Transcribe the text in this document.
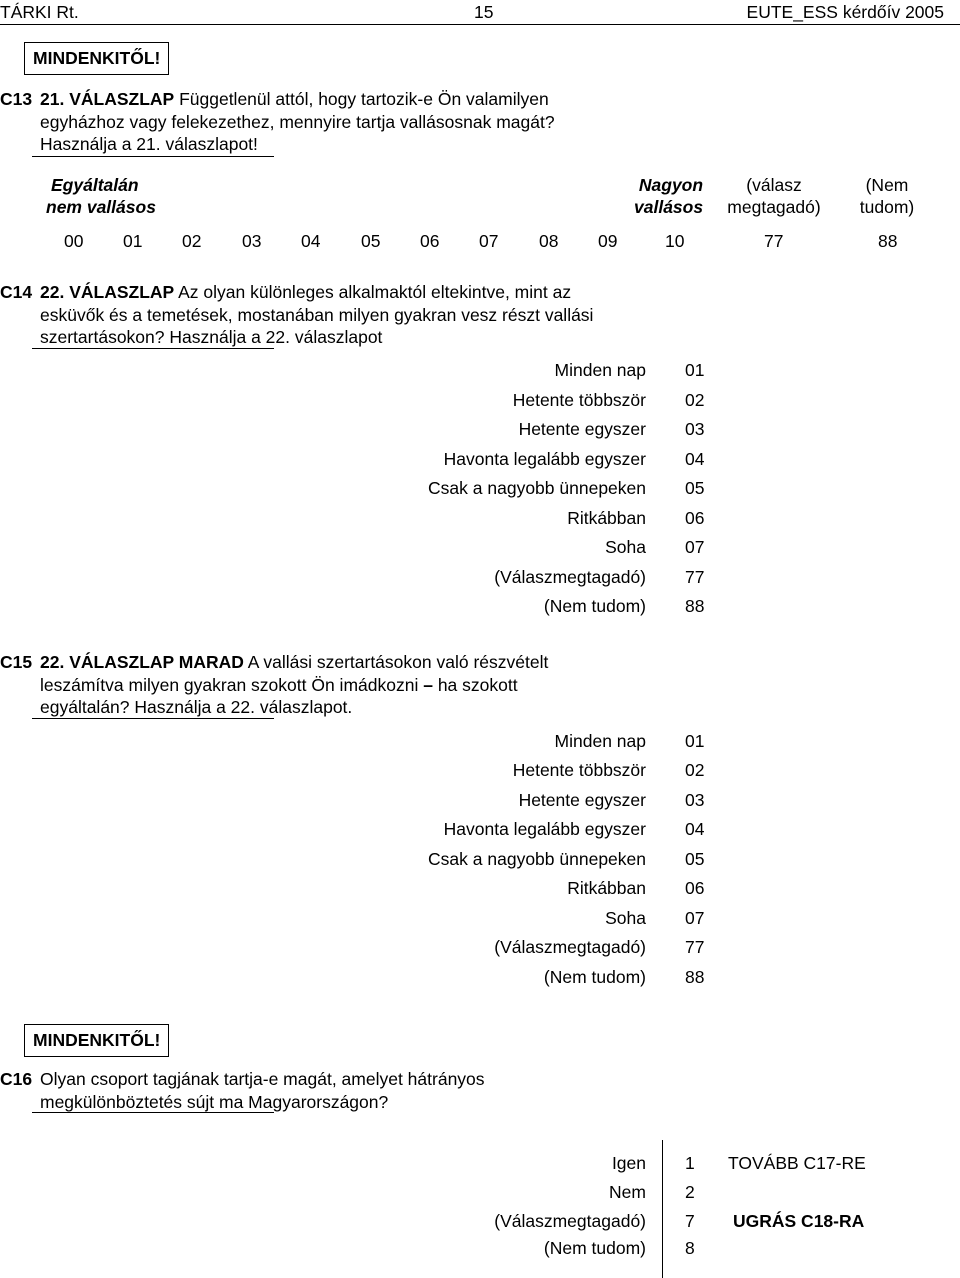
TÁRKI Rt.	15	EUTE_ESS kérdőív 2005
MINDENKITŐL!
C13 21. VÁLASZLAP Függetlenül attól, hogy tartozik-e Ön valamilyen
egyházhoz vagy felekezethez, mennyire tartja vallásosnak magát?
Használja a 21. válaszlapot!
Egyáltalán
nem vallásos
Nagyon
vallásos
(válasz
megtagadó)
(Nem
tudom)
00 01 02 03 04 05 06 07 08 09	10	77	88
C14 22. VÁLASZLAP Az olyan különleges alkalmaktól eltekintve, mint az
esküvők és a temetések, mostanában milyen gyakran vesz részt vallási
szertartásokon? Használja a 22. válaszlapot
Minden nap 01
Hetente többször 02
Hetente egyszer 03
Havonta legalább egyszer 04
Csak a nagyobb ünnepeken 05
Ritkábban 06
Soha 07
(Válaszmegtagadó) 77
(Nem tudom) 88
C15 22. VÁLASZLAP MARAD A vallási szertartásokon való részvételt
leszámítva milyen gyakran szokott Ön imádkozni – ha szokott
egyáltalán? Használja a 22. válaszlapot.
Minden nap 01
Hetente többször 02
Hetente egyszer 03
Havonta legalább egyszer 04
Csak a nagyobb ünnepeken 05
Ritkábban 06
Soha 07
(Válaszmegtagadó) 77
(Nem tudom) 88
MINDENKITŐL!
C16 Olyan csoport tagjának tartja-e magát, amelyet hátrányos
megkülönböztetés sújt ma Magyarországon?
Igen 1 TOVÁBB C17-RE
Nem 2
(Válaszmegtagadó) 7 UGRÁS C18-RA
(Nem tudom) 8
